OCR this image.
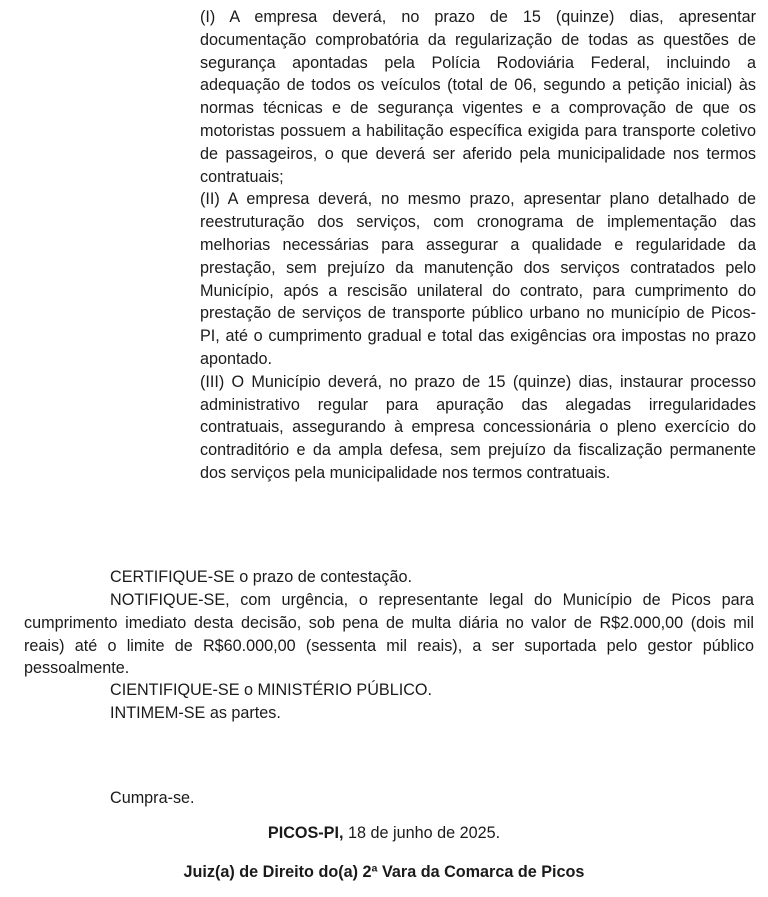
(I) A empresa deverá, no prazo de 15 (quinze) dias, apresentar documentação comprobatória da regularização de todas as questões de segurança apontadas pela Polícia Rodoviária Federal, incluindo a adequação de todos os veículos (total de 06, segundo a petição inicial) às normas técnicas e de segurança vigentes e a comprovação de que os motoristas possuem a habilitação específica exigida para transporte coletivo de passageiros, o que deverá ser aferido pela municipalidade nos termos contratuais;

(II) A empresa deverá, no mesmo prazo, apresentar plano detalhado de reestruturação dos serviços, com cronograma de implementação das melhorias necessárias para assegurar a qualidade e regularidade da prestação, sem prejuízo da manutenção dos serviços contratados pelo Município, após a rescisão unilateral do contrato, para cumprimento do prestação de serviços de transporte público urbano no município de Picos-PI, até o cumprimento gradual e total das exigências ora impostas no prazo apontado.

(III) O Município deverá, no prazo de 15 (quinze) dias, instaurar processo administrativo regular para apuração das alegadas irregularidades contratuais, assegurando à empresa concessionária o pleno exercício do contraditório e da ampla defesa, sem prejuízo da fiscalização permanente dos serviços pela municipalidade nos termos contratuais.

CERTIFIQUE-SE o prazo de contestação.

NOTIFIQUE-SE, com urgência, o representante legal do Município de Picos para cumprimento imediato desta decisão, sob pena de multa diária no valor de R$2.000,00 (dois mil reais) até o limite de R$60.000,00 (sessenta mil reais), a ser suportada pelo gestor público pessoalmente.

CIENTIFIQUE-SE o MINISTÉRIO PÚBLICO.

INTIMEM-SE as partes.

Cumpra-se.

PICOS-PI, 18 de junho de 2025.

Juiz(a) de Direito do(a) 2ª Vara da Comarca de Picos
